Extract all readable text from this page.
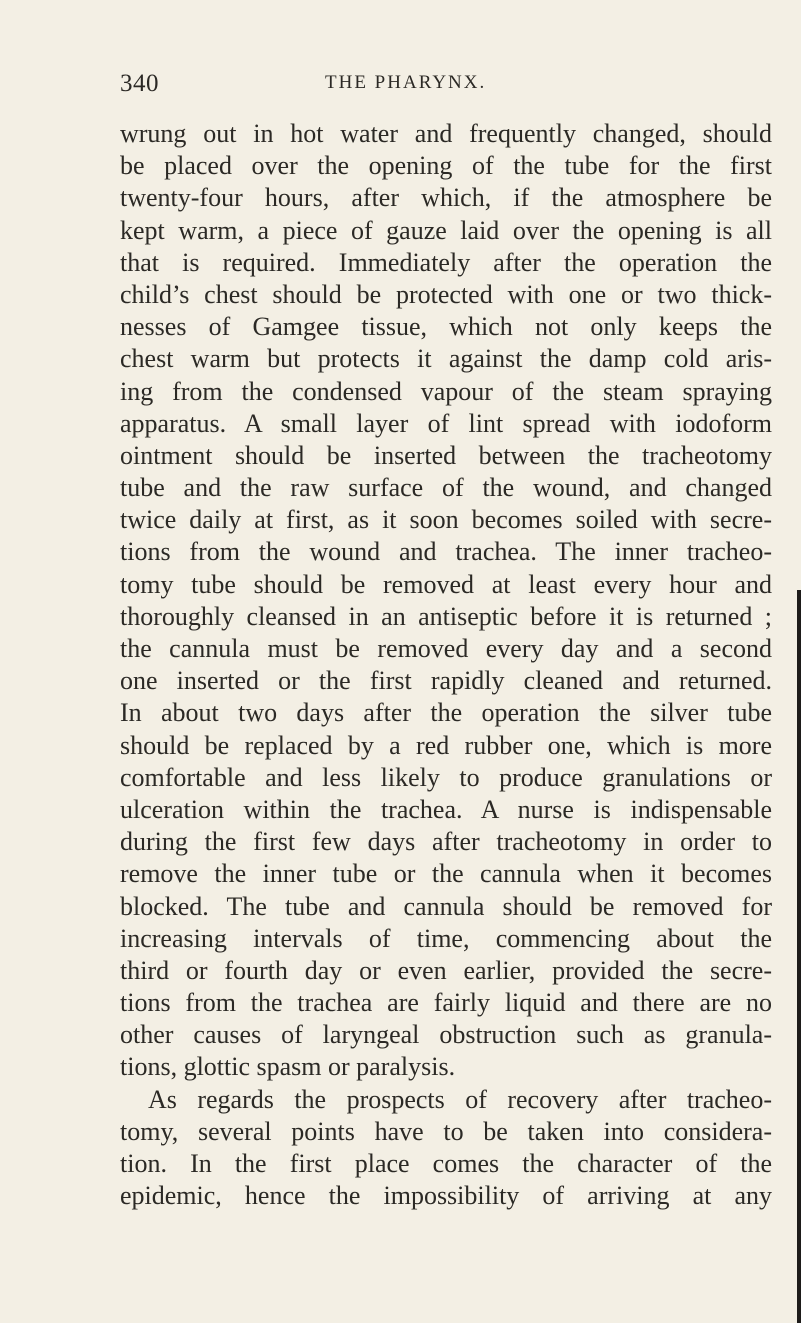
340	THE PHARYNX.
wrung out in hot water and frequently changed, should
be placed over the opening of the tube for the first
twenty-four hours, after which, if the atmosphere be
kept warm, a piece of gauze laid over the opening is all
that is required. Immediately after the operation the
child’s chest should be protected with one or two thick-
nesses of Gamgee tissue, which not only keeps the
chest warm but protects it against the damp cold aris-
ing from the condensed vapour of the steam spraying
apparatus. A small layer of lint spread with iodoform
ointment should be inserted between the tracheotomy
tube and the raw surface of the wound, and changed
twice daily at first, as it soon becomes soiled with secre-
tions from the wound and trachea. The inner tracheo-
tomy tube should be removed at least every hour and
thoroughly cleansed in an antiseptic before it is returned ;
the cannula must be removed every day and a second
one inserted or the first rapidly cleaned and returned.
In about two days after the operation the silver tube
should be replaced by a red rubber one, which is more
comfortable and less likely to produce granulations or
ulceration within the trachea. A nurse is indispensable
during the first few days after tracheotomy in order to
remove the inner tube or the cannula when it becomes
blocked. The tube and cannula should be removed for
increasing intervals of time, commencing about the
third or fourth day or even earlier, provided the secre-
tions from the trachea are fairly liquid and there are no
other causes of laryngeal obstruction such as granula-
tions, glottic spasm or paralysis.
As regards the prospects of recovery after tracheo-
tomy, several points have to be taken into considera-
tion. In the first place comes the character of the
epidemic, hence the impossibility of arriving at any
